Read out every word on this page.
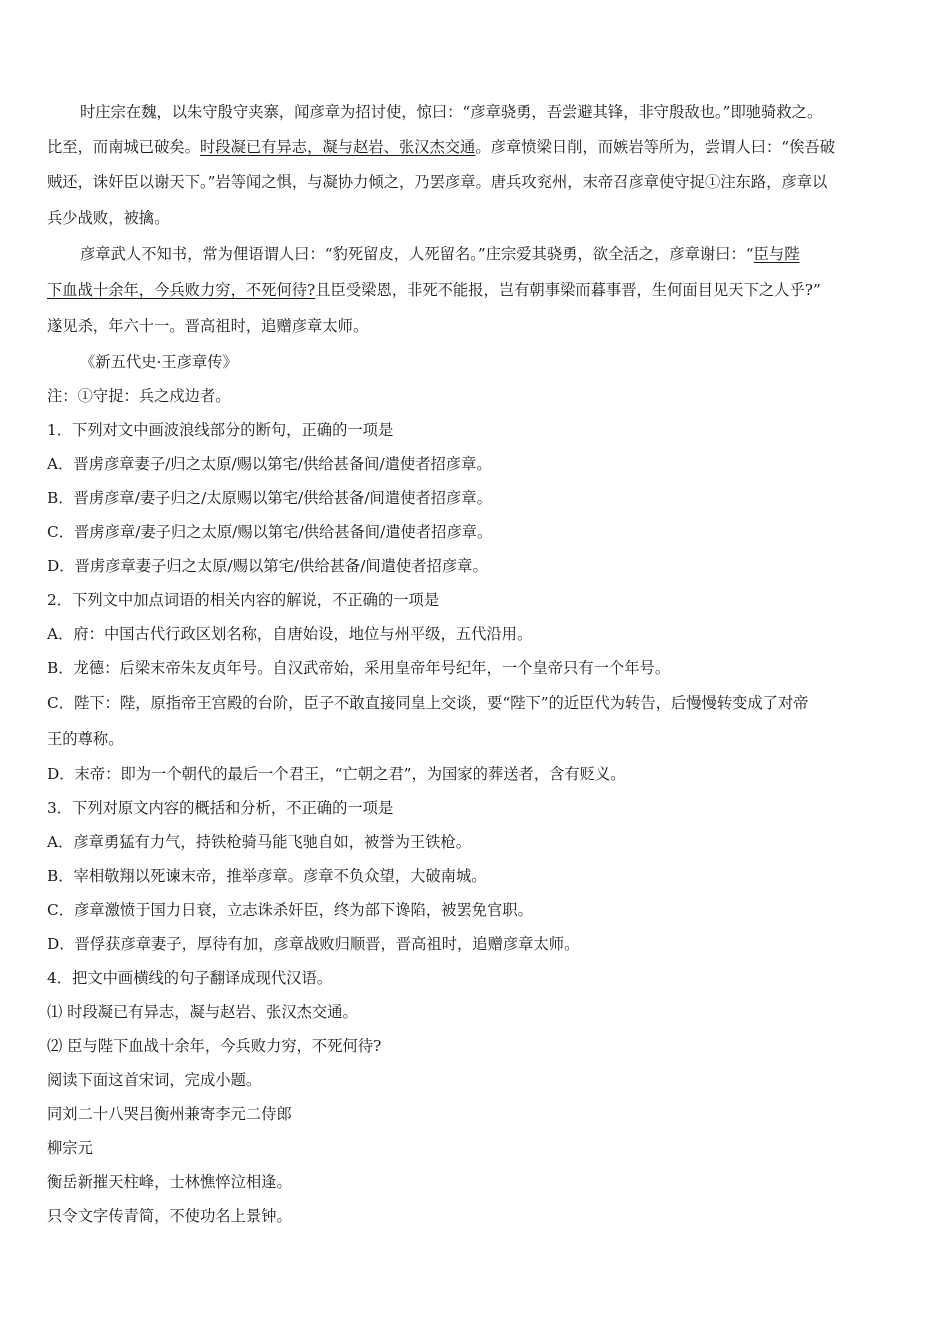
时庄宗在魏，以朱守殷守夹寨，闻彦章为招讨使，惊曰：“彦章骁勇，吾尝避其锋，非守殷敌也。”即驰骑救之。
比至，而南城已破矣。时段凝已有异志，凝与赵岩、张汉杰交通。彦章愤梁日削，而嫉岩等所为，尝谓人曰：“俟吾破
贼还，诛奸臣以谢天下。”岩等闻之惧，与凝协力倾之，乃罢彦章。唐兵攻兖州，末帝召彦章使守捉①注东路，彦章以
兵少战败，被擒。
彦章武人不知书，常为俚语谓人曰：“豹死留皮，人死留名。”庄宗爱其骁勇，欲全活之，彦章谢曰：“臣与陛
下血战十余年，今兵败力穷，不死何待?且臣受梁恩，非死不能报，岂有朝事梁而暮事晋，生何面目见天下之人乎?”
遂见杀，年六十一。晋高祖时，追赠彦章太师。
《新五代史·王彦章传》
注：①守捉：兵之戍边者。
1．下列对文中画波浪线部分的断句，正确的一项是
A．晋虏彦章妻子/归之太原/赐以第宅/供给甚备间/遣使者招彦章。
B．晋虏彦章/妻子归之/太原赐以第宅/供给甚备/间遣使者招彦章。
C．晋虏彦章/妻子归之太原/赐以第宅/供给甚备间/遣使者招彦章。
D．晋虏彦章妻子归之太原/赐以第宅/供给甚备/间遣使者招彦章。
2．下列文中加点词语的相关内容的解说，不正确的一项是
A．府：中国古代行政区划名称，自唐始设，地位与州平级，五代沿用。
B．龙德：后梁末帝朱友贞年号。自汉武帝始，采用皇帝年号纪年，一个皇帝只有一个年号。
C．陛下：陛，原指帝王宫殿的台阶，臣子不敢直接同皇上交谈，要“陛下”的近臣代为转告，后慢慢转变成了对帝
王的尊称。
D．末帝：即为一个朝代的最后一个君王，“亡朝之君”，为国家的葬送者，含有贬义。
3．下列对原文内容的概括和分析，不正确的一项是
A．彦章勇猛有力气，持铁枪骑马能飞驰自如，被誉为王铁枪。
B．宰相敬翔以死谏末帝，推举彦章。彦章不负众望，大破南城。
C．彦章激愤于国力日衰，立志诛杀奸臣，终为部下谗陷，被罢免官职。
D．晋俘获彦章妻子，厚待有加，彦章战败归顺晋，晋高祖时，追赠彦章太师。
4．把文中画横线的句子翻译成现代汉语。
⑴ 时段凝已有异志，凝与赵岩、张汉杰交通。
⑵ 臣与陛下血战十余年，今兵败力穷，不死何待?
阅读下面这首宋词，完成小题。
同刘二十八哭吕衡州兼寄李元二侍郎
柳宗元
衡岳新摧天柱峰，士林憔悴泣相逢。
只令文字传青简，不使功名上景钟。
